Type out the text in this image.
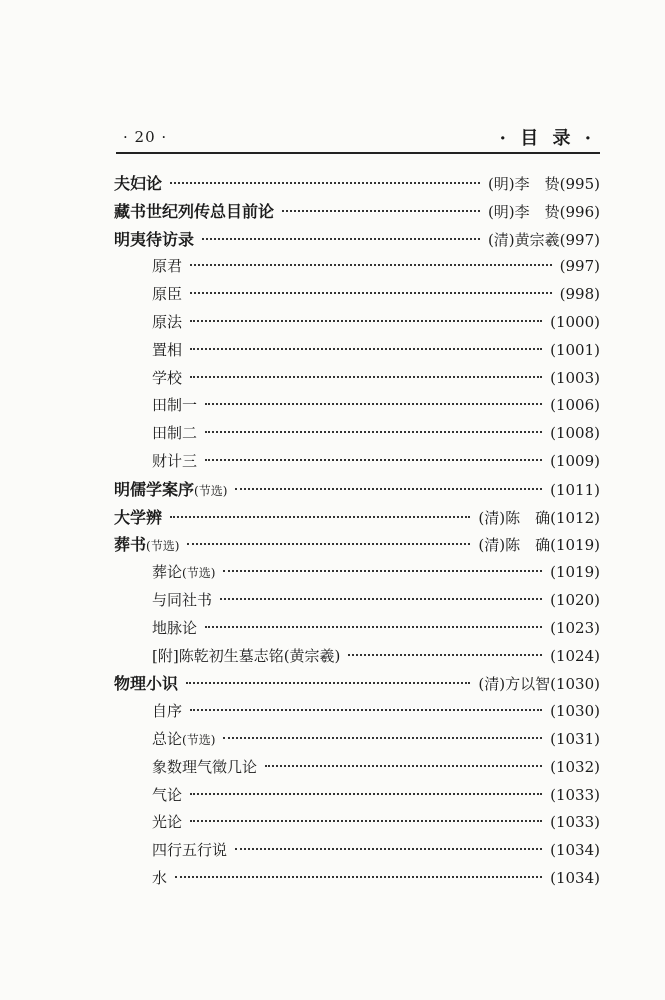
· 20 ·	· 目 录 ·
夫妇论	(明)李　贽 (995)
藏书世纪列传总目前论	(明)李　贽 (996)
明夷待访录	(清)黄宗羲 (997)
原君	(997)
原臣	(998)
原法	(1000)
置相	(1001)
学校	(1003)
田制一	(1006)
田制二	(1008)
财计三	(1009)
明儒学案序(节选)	(1011)
大学辨	(清)陈　确 (1012)
葬书(节选)	(清)陈　确 (1019)
葬论(节选)	(1019)
与同社书	(1020)
地脉论	(1023)
[附]陈乾初生墓志铭(黄宗羲)	(1024)
物理小识	(清)方以智 (1030)
自序	(1030)
总论(节选)	(1031)
象数理气徵几论	(1032)
气论	(1033)
光论	(1033)
四行五行说	(1034)
水	(1034)
